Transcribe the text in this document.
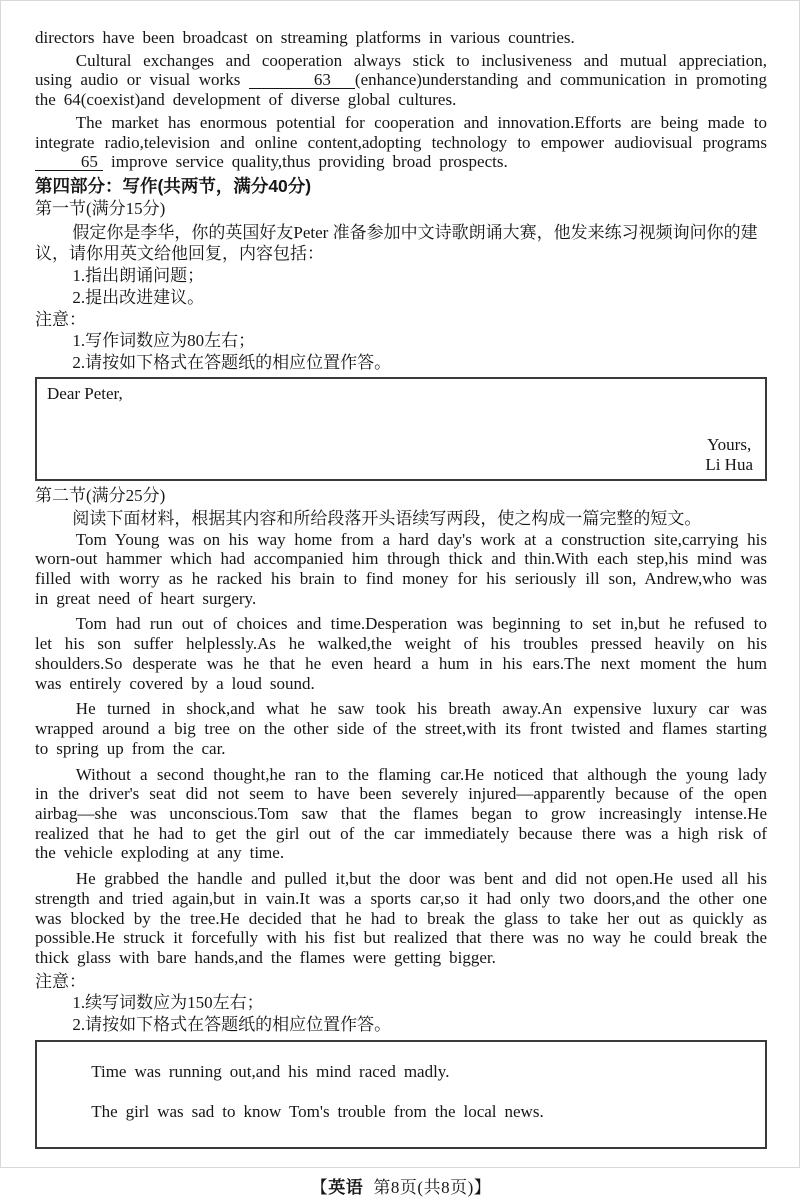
directors have been broadcast on streaming platforms in various countries.

Cultural exchanges and cooperation always stick to inclusiveness and mutual appreciation, using audio or visual works	63 (enhance)understanding and communication in promoting the 64(coexist)and development of diverse global cultures.

The market has enormous potential for cooperation and innovation.Efforts are being made to integrate radio,television and online content,adopting technology to empower audiovisual programs 65 improve service quality,thus providing broad prospects.

第四部分：写作(共两节，满分40分)

第一节(满分15分)

假定你是李华，你的英国好友Peter 准备参加中文诗歌朗诵大赛，他发来练习视频询问你的建议，请你用英文给他回复，内容包括：

1.指出朗诵问题；

2.提出改进建议。

注意：

1.写作词数应为80左右；

2.请按如下格式在答题纸的相应位置作答。

Dear Peter,
Yours,
Li Hua

第二节(满分25分)

阅读下面材料，根据其内容和所给段落开头语续写两段，使之构成一篇完整的短文。

Tom Young was on his way home from a hard day's work at a construction site,carrying his worn-out hammer which had accompanied him through thick and thin.With each step,his mind was filled with worry as he racked his brain to find money for his seriously ill son, Andrew,who was in great need of heart surgery.

Tom had run out of choices and time.Desperation was beginning to set in,but he refused to let his son suffer helplessly.As he walked,the weight of his troubles pressed heavily on his shoulders.So desperate was he that he even heard a hum in his ears.The next moment the hum was entirely covered by a loud sound.

He turned in shock,and what he saw took his breath away.An expensive luxury car was wrapped around a big tree on the other side of the street,with its front twisted and flames starting to spring up from the car.

Without a second thought,he ran to the flaming car.He noticed that although the young lady in the driver's seat did not seem to have been severely injured—apparently because of the open airbag—she was unconscious.Tom saw that the flames began to grow increasingly intense.He realized that he had to get the girl out of the car immediately because there was a high risk of the vehicle exploding at any time.

He grabbed the handle and pulled it,but the door was bent and did not open.He used all his strength and tried again,but in vain.It was a sports car,so it had only two doors,and the other one was blocked by the tree.He decided that he had to break the glass to take her out as quickly as possible.He struck it forcefully with his fist but realized that there was no way he could break the thick glass with bare hands,and the flames were getting bigger.

注意：

1.续写词数应为150左右；

2.请按如下格式在答题纸的相应位置作答。

Time was running out,and his mind raced madly.

The girl was sad to know Tom's trouble from the local news.

【英语 第8页(共8页)】
